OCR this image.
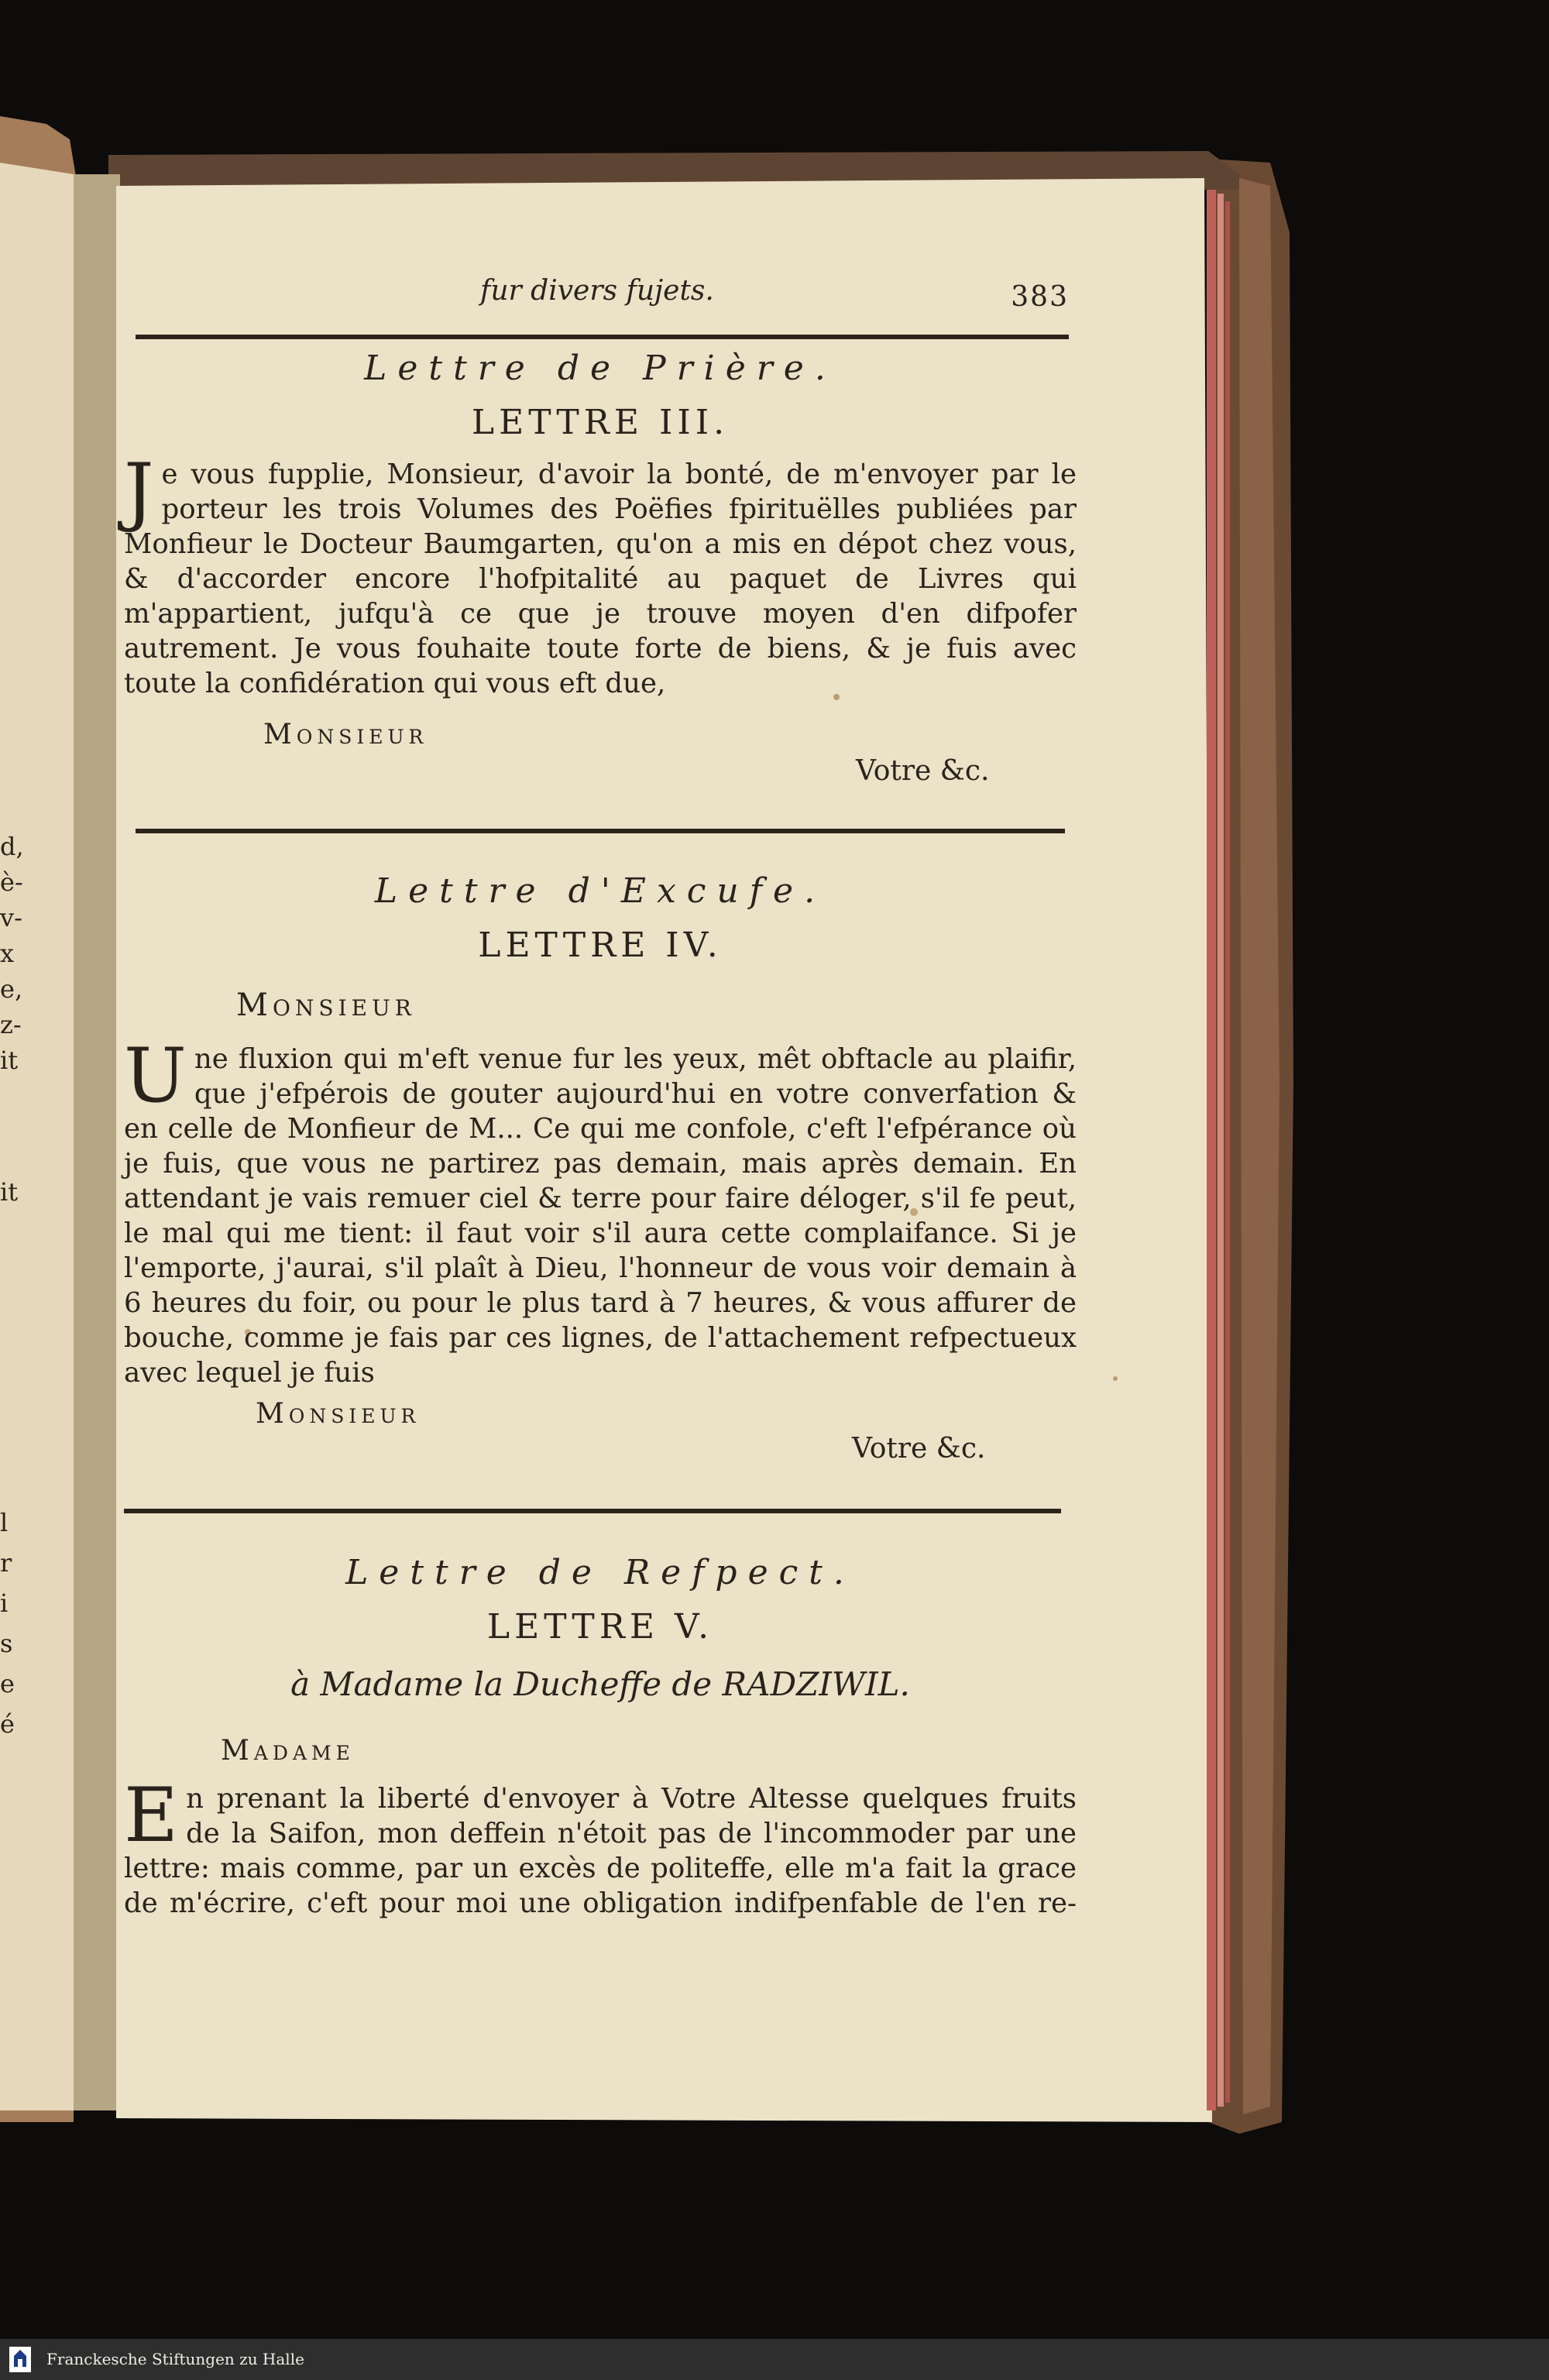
d,
è-
v-
x
e,
z-
it
it
l
r
i
s
e
é
fur divers fujets.	383
Lettre de Prière.
LETTRE III.

Je vous fupplie, Monsieur, d'avoir la bonté, de m'envoyer par le porteur les trois Volumes des Poëfies fpirituëlles publiées par Monfieur le Docteur Baumgarten, qu'on a mis en dépot chez vous, & d'accorder encore l'hofpitalité au paquet de Livres qui m'appartient, jufqu'à ce que je trouve moyen d'en difpofer autrement. Je vous fouhaite toute forte de biens, & je fuis avec toute la confidération qui vous eft due,

Monsieur
Votre &c.
Lettre d'Excufe.
LETTRE IV.
Monsieur

Une fluxion qui m'eft venue fur les yeux, mêt obftacle au plaifir, que j'efpérois de gouter aujourd'hui en votre converfation & en celle de Monfieur de M... Ce qui me confole, c'eft l'efpérance où je fuis, que vous ne partirez pas demain, mais après demain. En attendant je vais remuer ciel & terre pour faire déloger, s'il fe peut, le mal qui me tient: il faut voir s'il aura cette complaifance. Si je l'emporte, j'aurai, s'il plaît à Dieu, l'honneur de vous voir demain à 6 heures du foir, ou pour le plus tard à 7 heures, & vous affurer de bouche, comme je fais par ces lignes, de l'attachement refpectueux avec lequel je fuis

Monsieur
Votre &c.
Lettre de Refpect.
LETTRE V.
à Madame la Ducheffe de RADZIWIL.
Madame

En prenant la liberté d'envoyer à Votre Altesse quelques fruits de la Saifon, mon deffein n'étoit pas de l'incommoder par une lettre: mais comme, par un excès de politeffe, elle m'a fait la grace de m'écrire, c'eft pour moi une obligation indifpenfable de l'en re-

Franckesche Stiftungen zu Halle
